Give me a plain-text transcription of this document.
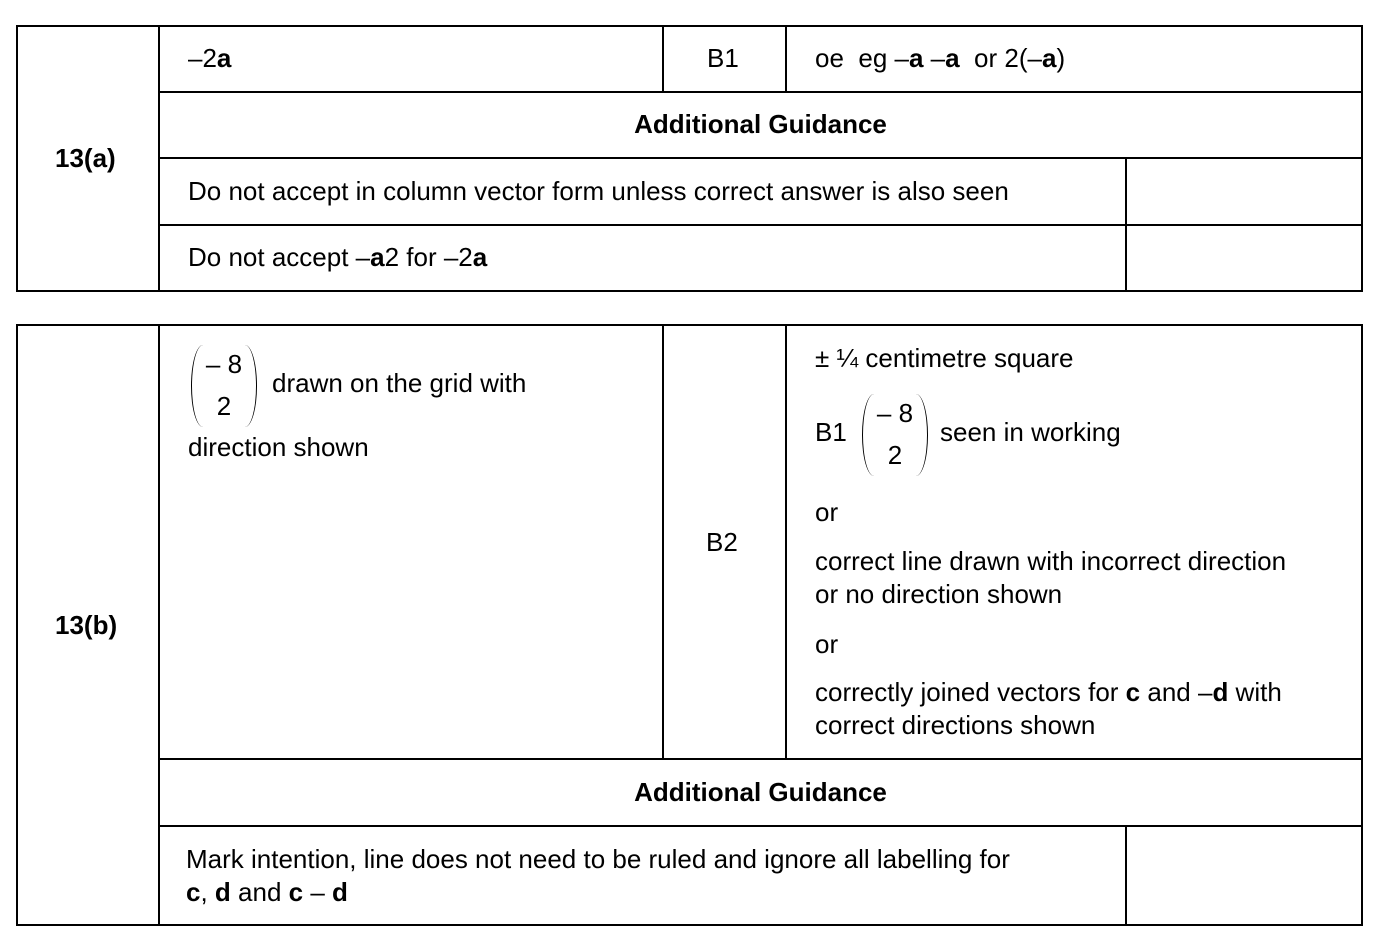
13(a)
–2a	B1	oe  eg –a –a  or 2(–a)
Additional Guidance
Do not accept in column vector form unless correct answer is also seen
Do not accept –a2 for –2a
13(b)
– 8
2
drawn on the grid with
direction shown
B2
± ¼ centimetre square
B1
– 8
2
seen in working
or
correct line drawn with incorrect direction
or no direction shown
or
correctly joined vectors for c and –d with
correct directions shown
Additional Guidance
Mark intention, line does not need to be ruled and ignore all labelling for
c, d and c – d
